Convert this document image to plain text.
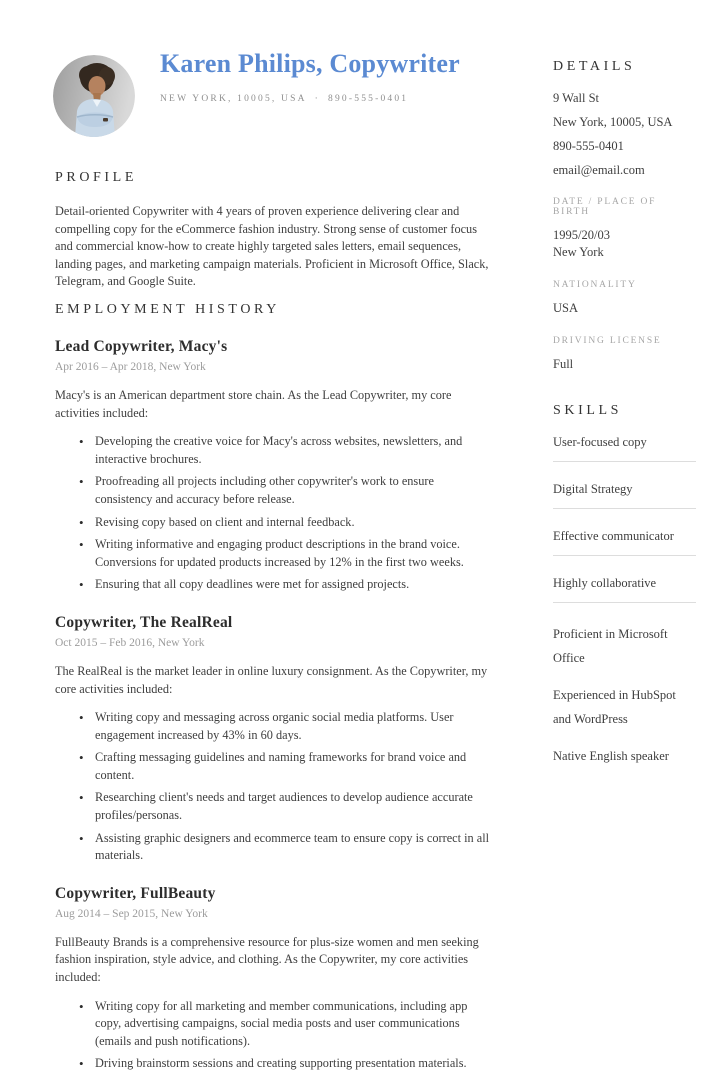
Karen Philips, Copywriter
NEW YORK, 10005, USA · 890-555-0401
PROFILE

Detail-oriented Copywriter with 4 years of proven experience delivering clear and compelling copy for the eCommerce fashion industry. Strong sense of customer focus and commercial know-how to create highly targeted sales letters, email sequences, landing pages, and marketing campaign materials. Proficient in Microsoft Office, Slack, Telegram, and Google Suite.

EMPLOYMENT HISTORY
Lead Copywriter, Macy's
Apr 2016 – Apr 2018, New York

Macy's is an American department store chain. As the Lead Copywriter, my core activities included:

• Developing the creative voice for Macy's across websites, newsletters, and interactive brochures.
• Proofreading all projects including other copywriter's work to ensure consistency and accuracy before release.
• Revising copy based on client and internal feedback.
• Writing informative and engaging product descriptions in the brand voice. Conversions for updated products increased by 12% in the first two weeks.
• Ensuring that all copy deadlines were met for assigned projects.
Copywriter, The RealReal
Oct 2015 – Feb 2016, New York

The RealReal is the market leader in online luxury consignment. As the Copywriter, my core activities included:

• Writing copy and messaging across organic social media platforms. User engagement increased by 43% in 60 days.
• Crafting messaging guidelines and naming frameworks for brand voice and content.
• Researching client's needs and target audiences to develop audience accurate profiles/personas.
• Assisting graphic designers and ecommerce team to ensure copy is correct in all materials.
Copywriter, FullBeauty
Aug 2014 – Sep 2015, New York

FullBeauty Brands is a comprehensive resource for plus-size women and men seeking fashion inspiration, style advice, and clothing. As the Copywriter, my core activities included:

• Writing copy for all marketing and member communications, including app copy, advertising campaigns, social media posts and user communications (emails and push notifications).
• Driving brainstorm sessions and creating supporting presentation materials.
DETAILS
9 Wall St
New York, 10005, USA
890-555-0401
email@email.com
DATE / PLACE OF BIRTH
1995/20/03
New York
NATIONALITY
USA
DRIVING LICENSE
Full
SKILLS
User-focused copy
Digital Strategy
Effective communicator
Highly collaborative
Proficient in Microsoft Office
Experienced in HubSpot and WordPress
Native English speaker
